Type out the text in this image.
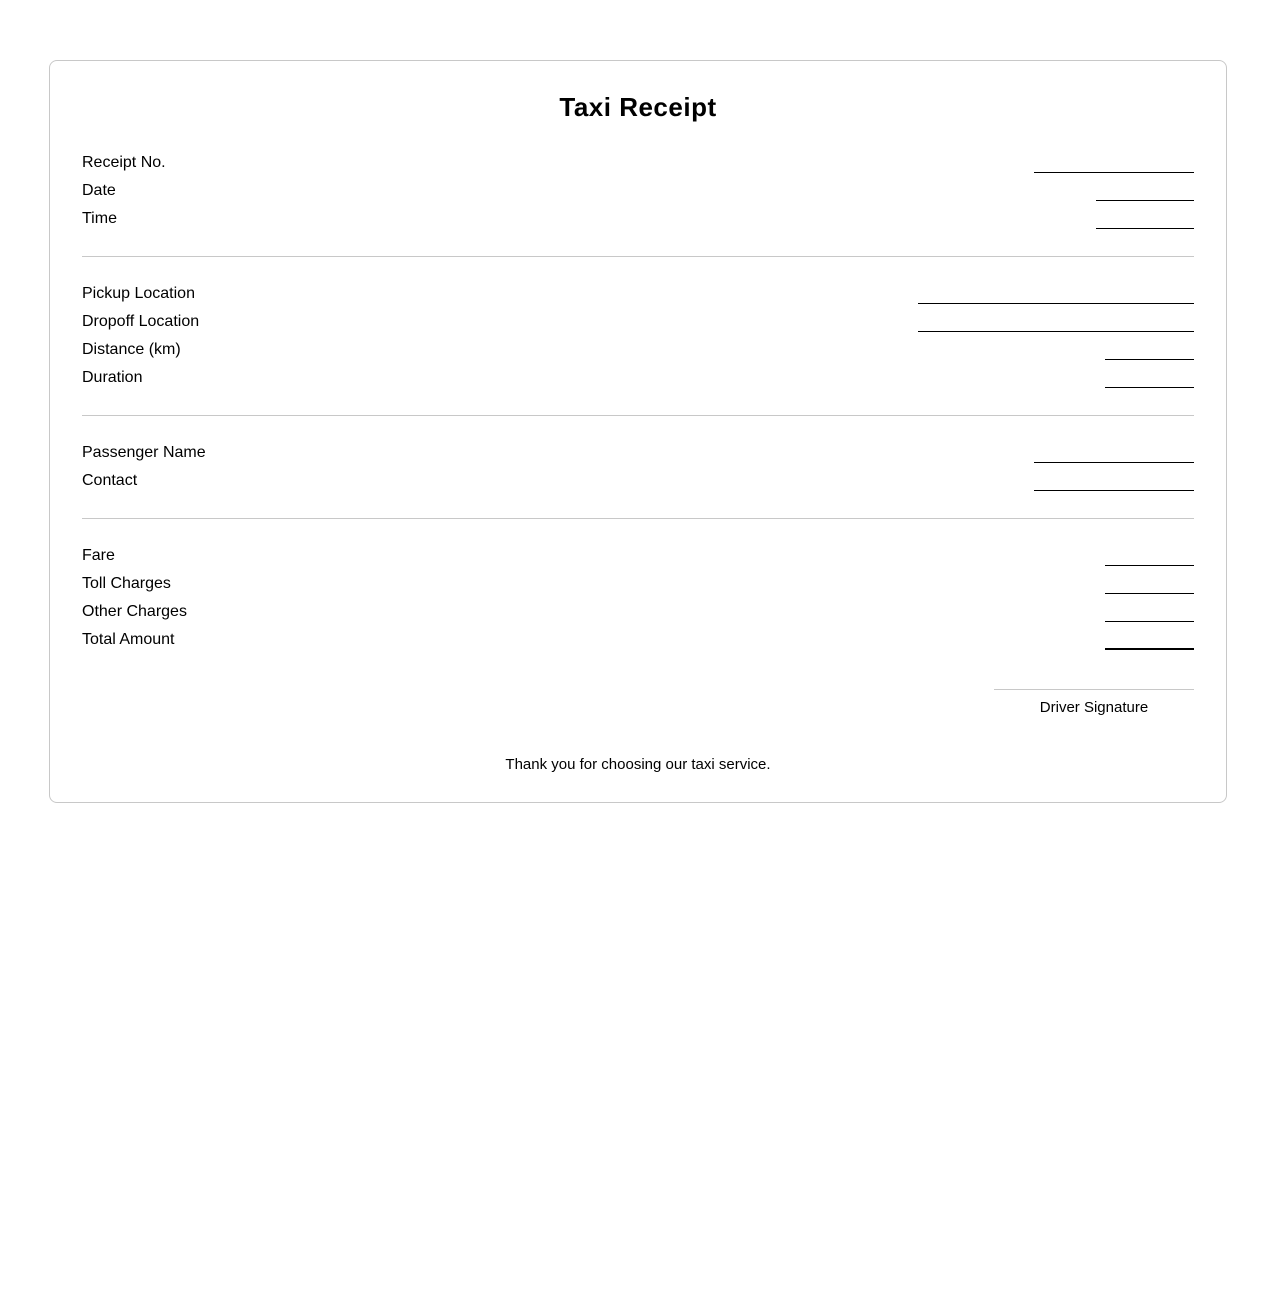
Taxi Receipt
Receipt No.
Date
Time
Pickup Location
Dropoff Location
Distance (km)
Duration
Passenger Name
Contact
Fare
Toll Charges
Other Charges
Total Amount
Driver Signature
Thank you for choosing our taxi service.
